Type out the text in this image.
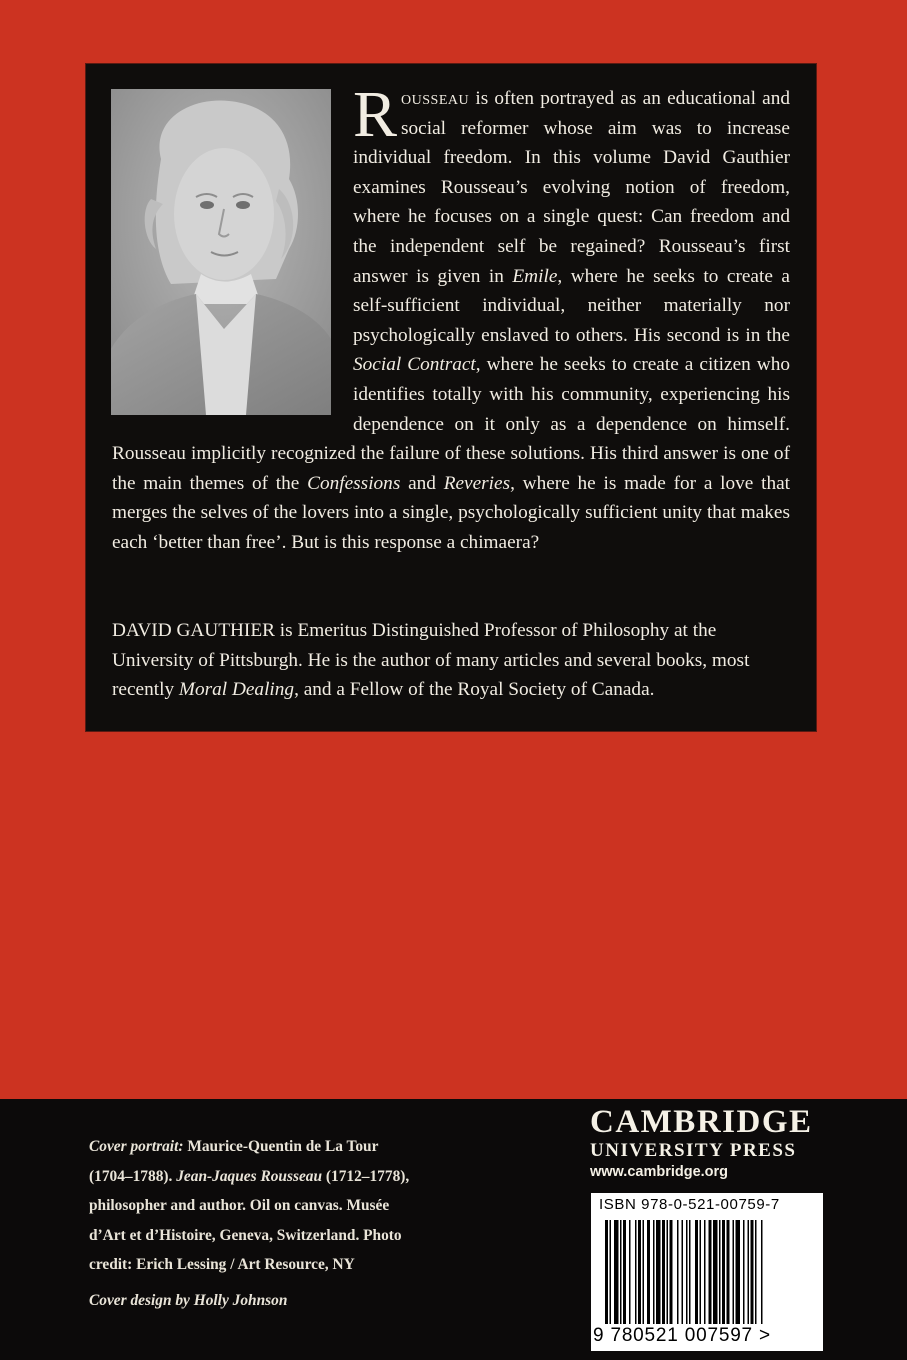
Rousseau is often portrayed as an educational and social reformer whose aim was to increase individual freedom. In this volume David Gauthier examines Rousseau’s evolving notion of freedom, where he focuses on a single quest: Can freedom and the independent self be regained? Rousseau’s first answer is given in Emile, where he seeks to create a self-sufficient individual, neither materially nor psychologically enslaved to others. His second is in the Social Contract, where he seeks to create a citizen who identifies totally with his community, experiencing his dependence on it only as a dependence on himself. Rousseau implicitly recognized the failure of these solutions. His third answer is one of the main themes of the Confessions and Reveries, where he is made for a love that merges the selves of the lovers into a single, psychologically sufficient unity that makes each ‘better than free’. But is this response a chimaera?

DAVID GAUTHIER is Emeritus Distinguished Professor of Philosophy at the University of Pittsburgh. He is the author of many articles and several books, most recently Moral Dealing, and a Fellow of the Royal Society of Canada.

Cover portrait: Maurice-Quentin de La Tour (1704–1788). Jean-Jaques Rousseau (1712–1778), philosopher and author. Oil on canvas. Musée d’Art et d’Histoire, Geneva, Switzerland. Photo credit: Erich Lessing / Art Resource, NY

Cover design by Holly Johnson

CAMBRIDGE
UNIVERSITY PRESS
www.cambridge.org
ISBN 978-0-521-00759-7
9 780521 007597 >
